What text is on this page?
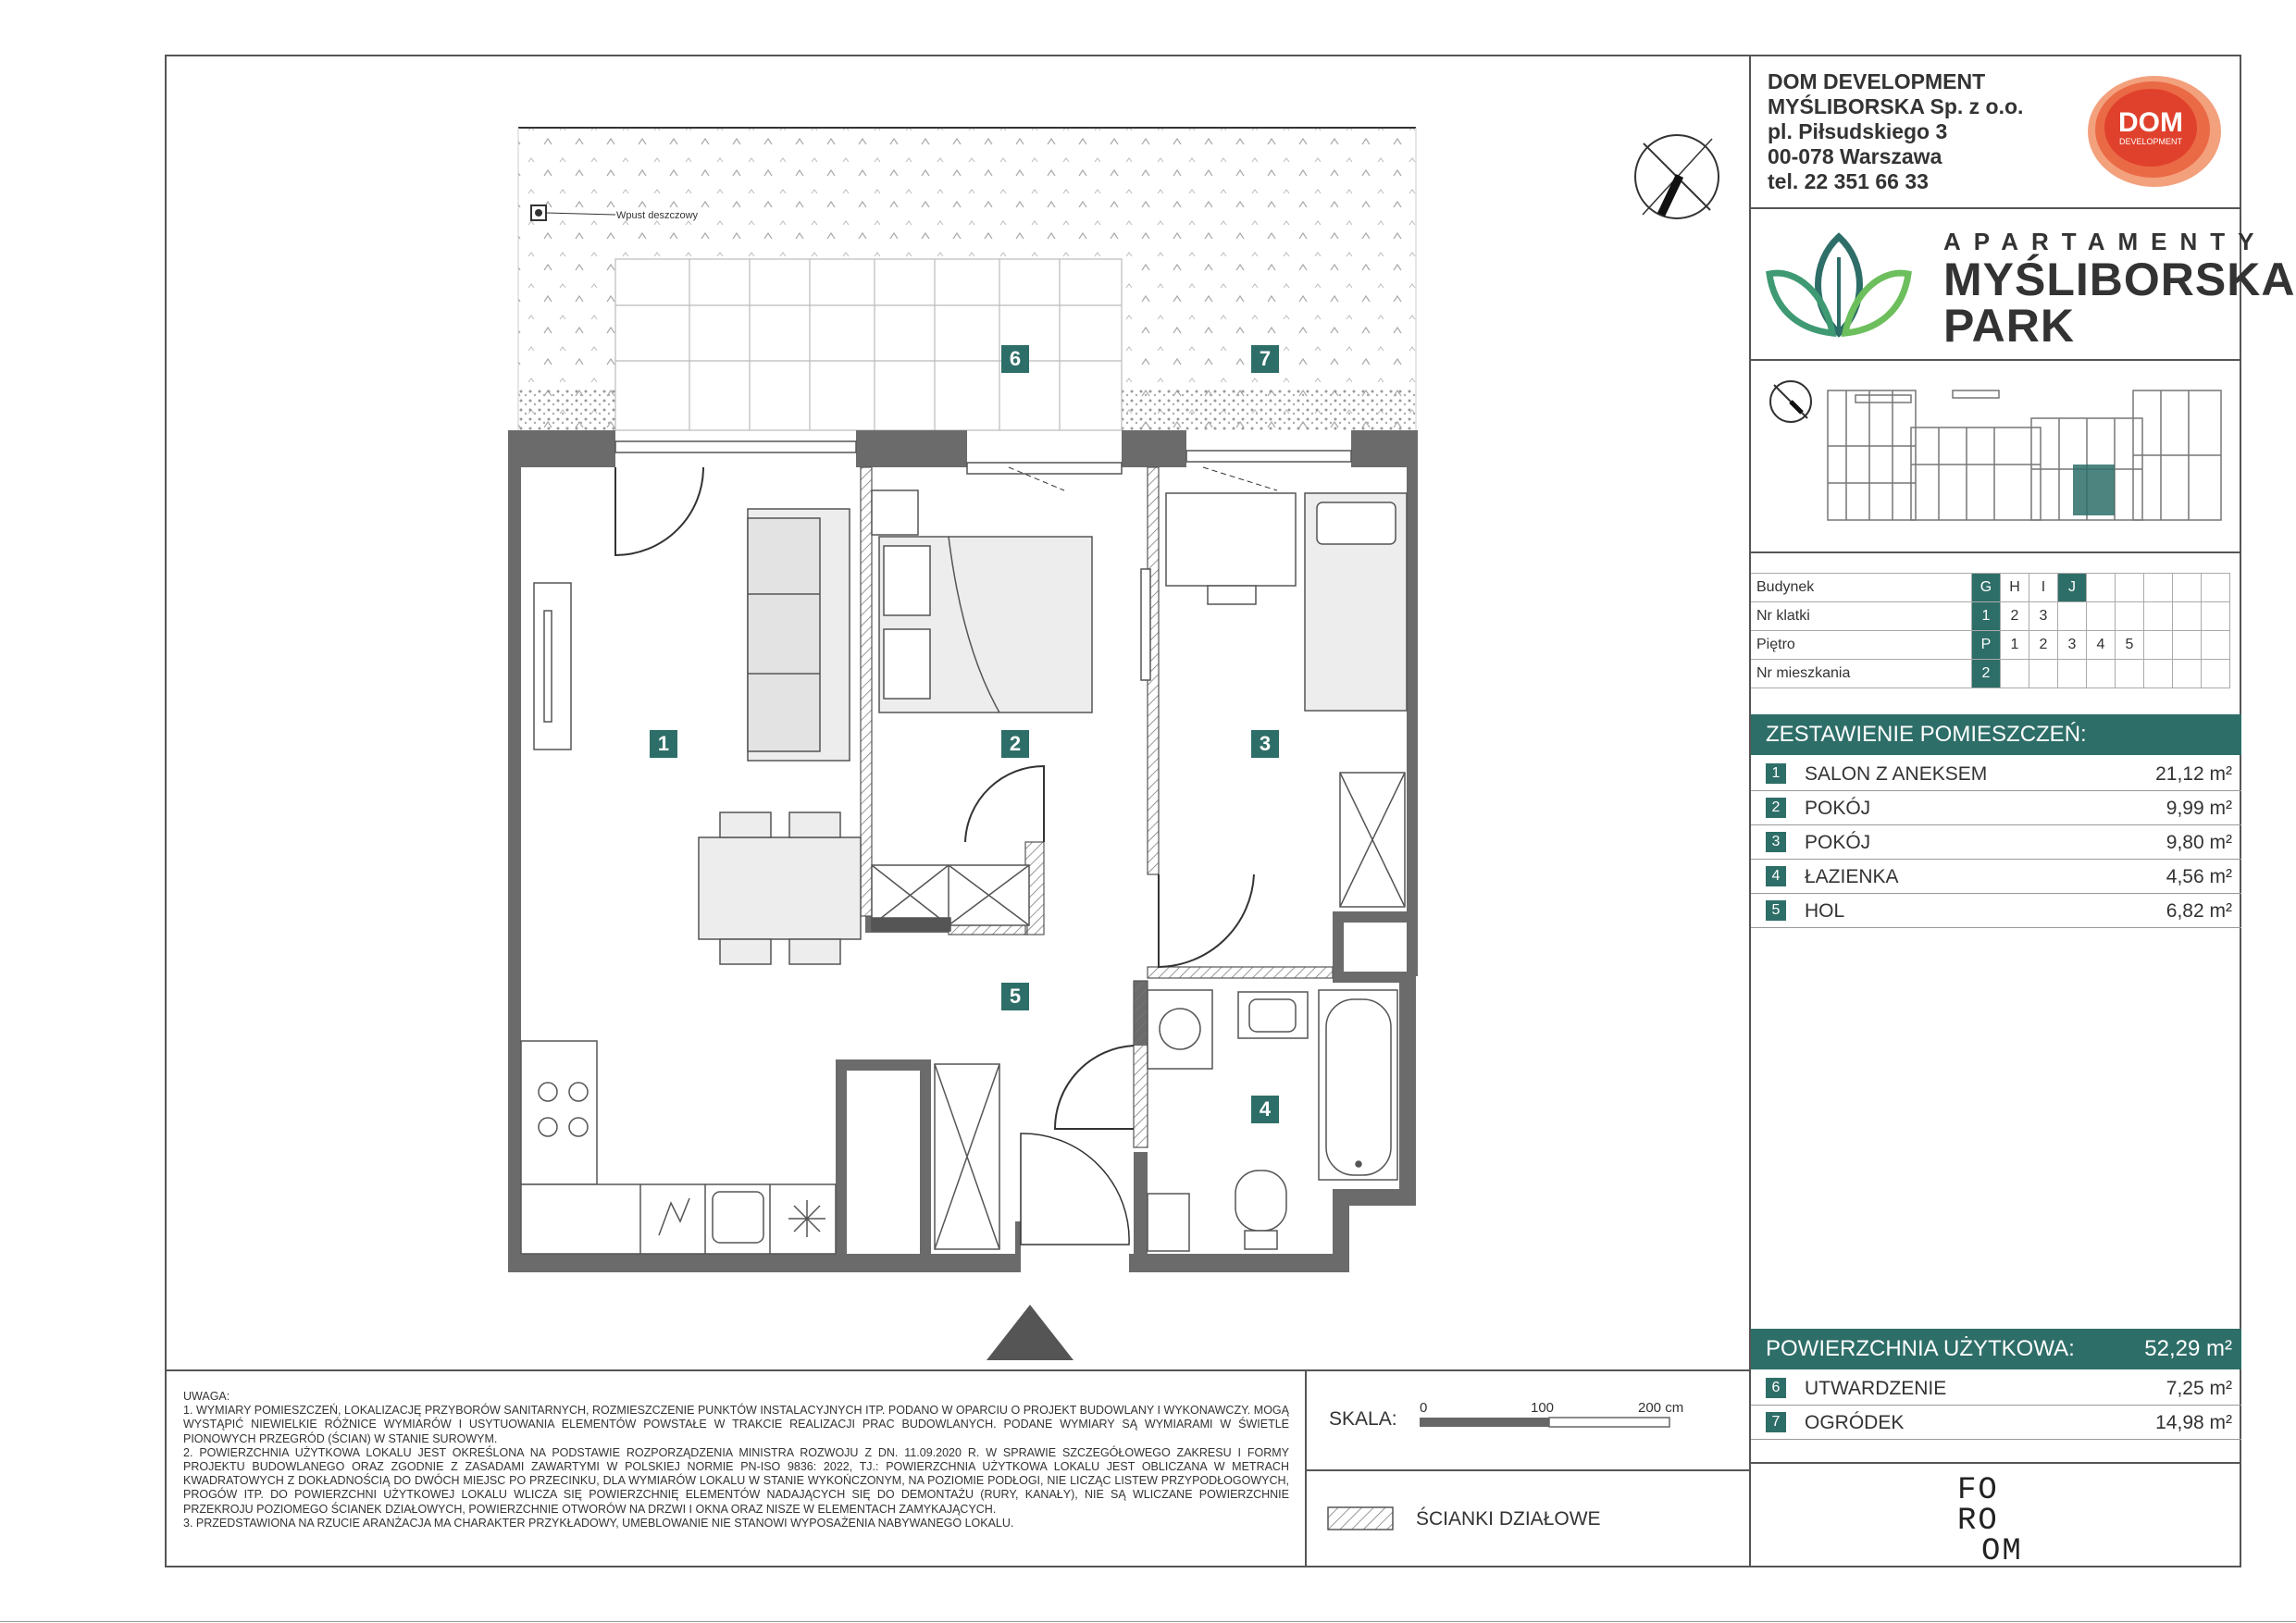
DOM DEVELOPMENT
MYŚLIBORSKA Sp. z o.o.
pl. Piłsudskiego 3
00-078 Warszawa
tel. 22 351 66 33
DOM
DEVELOPMENT
APARTAMENTY
MYŚLIBORSKA
PARK
Budynek	G	H	I	J					
Nr klatki	1	2	3						
Piętro	P	1	2	3	4	5			
Nr mieszkania	2								
ZESTAWIENIE POMIESZCZEŃ:
1	SALON Z ANEKSEM	21,12 m²
2	POKÓJ	9,99 m²
3	POKÓJ	9,80 m²
4	ŁAZIENKA	4,56 m²
5	HOL	6,82 m²
POWIERZCHNIA UŻYTKOWA:	52,29 m²
6	UTWARDZENIE	7,25 m²
7	OGRÓDEK	14,98 m²
Wpust deszczowy
1	2	3
4
5
6	7
UWAGA:
1. WYMIARY POMIESZCZEŃ, LOKALIZACJĘ PRZYBORÓW SANITARNYCH, ROZMIESZCZENIE PUNKTÓW INSTALACYJNYCH ITP. PODANO W OPARCIU O PROJEKT BUDOWLANY I WYKONAWCZY. MOGĄ WYSTĄPIĆ NIEWIELKIE RÓŻNICE WYMIARÓW I USYTUOWANIA ELEMENTÓW POWSTAŁE W TRAKCIE REALIZACJI PRAC BUDOWLANYCH. PODANE WYMIARY SĄ WYMIARAMI W ŚWIETLE PIONOWYCH PRZEGRÓD (ŚCIAN) W STANIE SUROWYM.
2. POWIERZCHNIA UŻYTKOWA LOKALU JEST OKREŚLONA NA PODSTAWIE ROZPORZĄDZENIA MINISTRA ROZWOJU Z DN. 11.09.2020 R. W SPRAWIE SZCZEGÓŁOWEGO ZAKRESU I FORMY PROJEKTU BUDOWLANEGO ORAZ ZGODNIE Z ZASADAMI ZAWARTYMI W POLSKIEJ NORMIE PN-ISO 9836: 2022, TJ.: POWIERZCHNIA UŻYTKOWA LOKALU JEST OBLICZANA W METRACH KWADRATOWYCH Z DOKŁADNOŚCIĄ DO DWÓCH MIEJSC PO PRZECINKU, DLA WYMIARÓW LOKALU W STANIE WYKOŃCZONYM, NA POZIOMIE PODŁOGI, NIE LICZĄC LISTEW PRZYPODŁOGOWYCH, PROGÓW ITP. DO POWIERZCHNI UŻYTKOWEJ LOKALU WLICZA SIĘ POWIERZCHNIĘ ELEMENTÓW NADAJĄCYCH SIĘ DO DEMONTAŻU (RURY, KANAŁY), NIE SĄ WLICZANE POWIERZCHNIE PRZEKROJU POZIOMEGO ŚCIANEK DZIAŁOWYCH, POWIERZCHNIE OTWORÓW NA DRZWI I OKNA ORAZ NISZE W ELEMENTACH ZAMYKAJĄCYCH.
3. PRZEDSTAWIONA NA RZUCIE ARANŻACJA MA CHARAKTER PRZYKŁADOWY, UMEBLOWANIE NIE STANOWI WYPOSAŻENIA NABYWANEGO LOKALU.
SKALA:
0	100	200 cm
ŚCIANKI DZIAŁOWE
FO
RO
OM
